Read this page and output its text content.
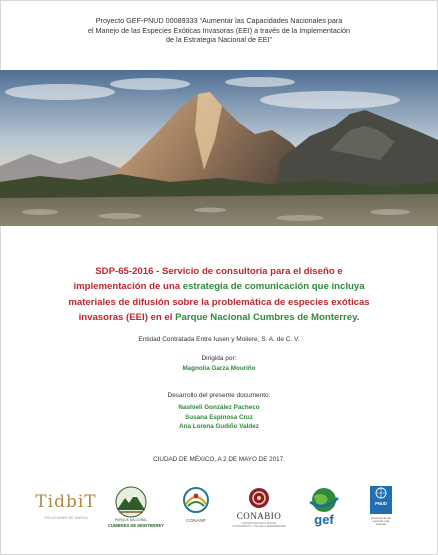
Proyecto GEF-PNUD 00089333 “Aumentar las Capacidades Nacionales para
el Manejo de las Especies Exóticas Invasoras (EEI) a través de la Implementación
de la Estrategia Nacional de EEI”
SDP-65-2016 - Servicio de consultoría para el diseño e
implementación de una estrategia de comunicación que incluya
materiales de difusión sobre la problemática de especies exóticas
invasoras (EEI) en el Parque Nacional Cumbres de Monterrey.
Entidad Contratada Entre Iusen y Moliere, S. A. de C. V.
Dirigida por:
Magnolia Garza Mouriño
Desarrollo del presente documento:
Nashieli González Pacheco
Susana Espinosa Cruz
Ana Lorena Gudiño Valdez
CIUDAD DE MÉXICO, A 2 DE MAYO DE 2017.
TidbiT
SOLUCIONES DE MARCA	PARQUE NACIONAL
CUMBRES DE MONTERREY
CONANP	CONABIO
COMISIÓN NACIONAL PARA EL CONOCIMIENTO Y USO DE LA BIODIVERSIDAD	gef
PNUD
Al servicio de las personas y las naciones
